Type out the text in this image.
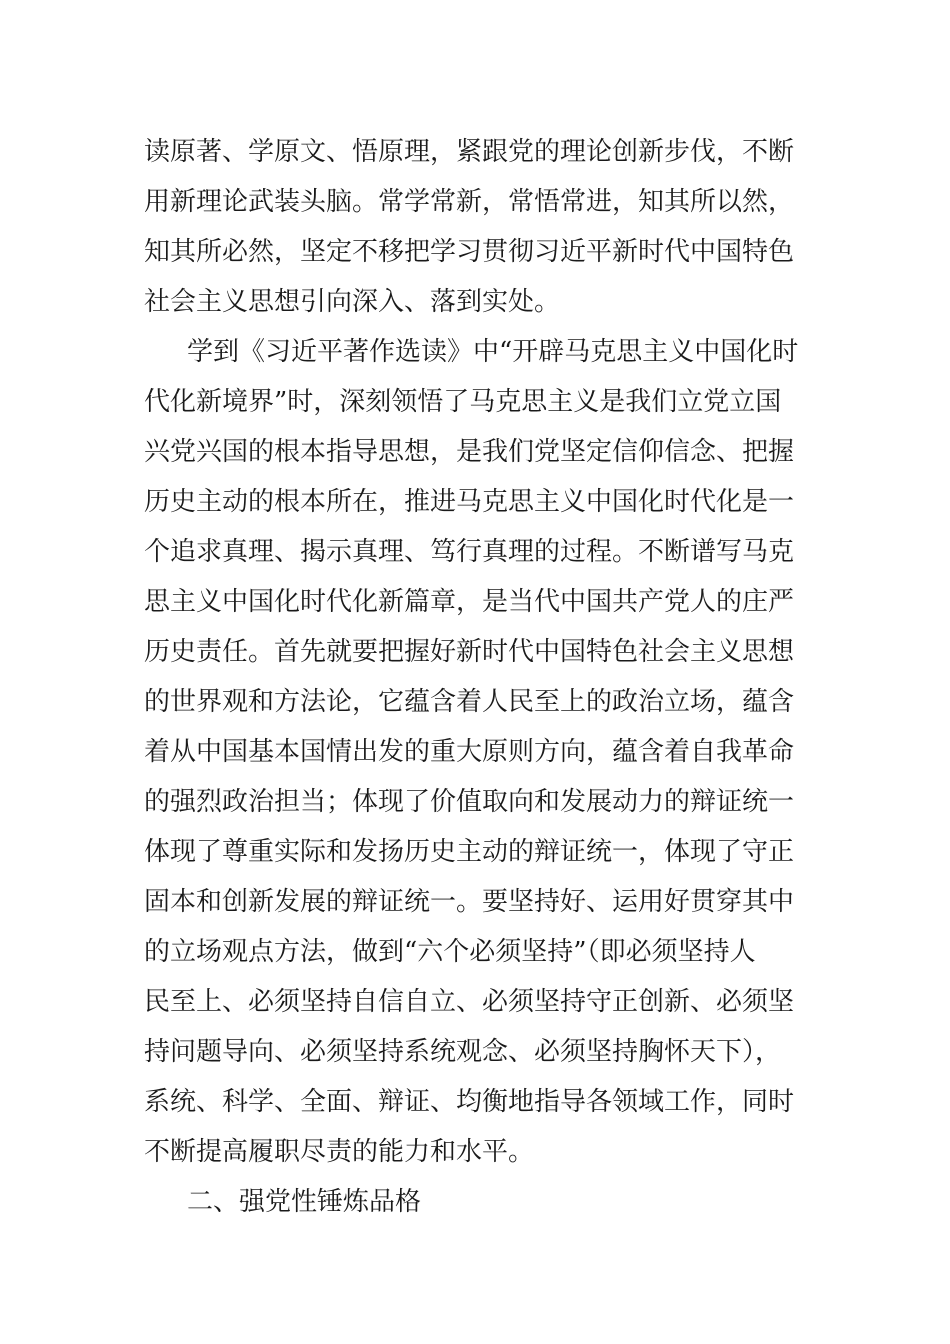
读原著、学原文、悟原理，紧跟党的理论创新步伐，不断
用新理论武装头脑。常学常新，常悟常进，知其所以然，
知其所必然，坚定不移把学习贯彻习近平新时代中国特色
社会主义思想引向深入、落到实处。
学到《习近平著作选读》中“开辟马克思主义中国化时
代化新境界”时，深刻领悟了马克思主义是我们立党立国
兴党兴国的根本指导思想，是我们党坚定信仰信念、把握
历史主动的根本所在，推进马克思主义中国化时代化是一
个追求真理、揭示真理、笃行真理的过程。不断谱写马克
思主义中国化时代化新篇章，是当代中国共产党人的庄严
历史责任。首先就要把握好新时代中国特色社会主义思想
的世界观和方法论，它蕴含着人民至上的政治立场，蕴含
着从中国基本国情出发的重大原则方向，蕴含着自我革命
的强烈政治担当；体现了价值取向和发展动力的辩证统一
体现了尊重实际和发扬历史主动的辩证统一，体现了守正
固本和创新发展的辩证统一。要坚持好、运用好贯穿其中
的立场观点方法，做到“六个必须坚持”（即必须坚持人
民至上、必须坚持自信自立、必须坚持守正创新、必须坚
持问题导向、必须坚持系统观念、必须坚持胸怀天下），
系统、科学、全面、辩证、均衡地指导各领域工作，同时
不断提高履职尽责的能力和水平。
二、强党性锤炼品格
